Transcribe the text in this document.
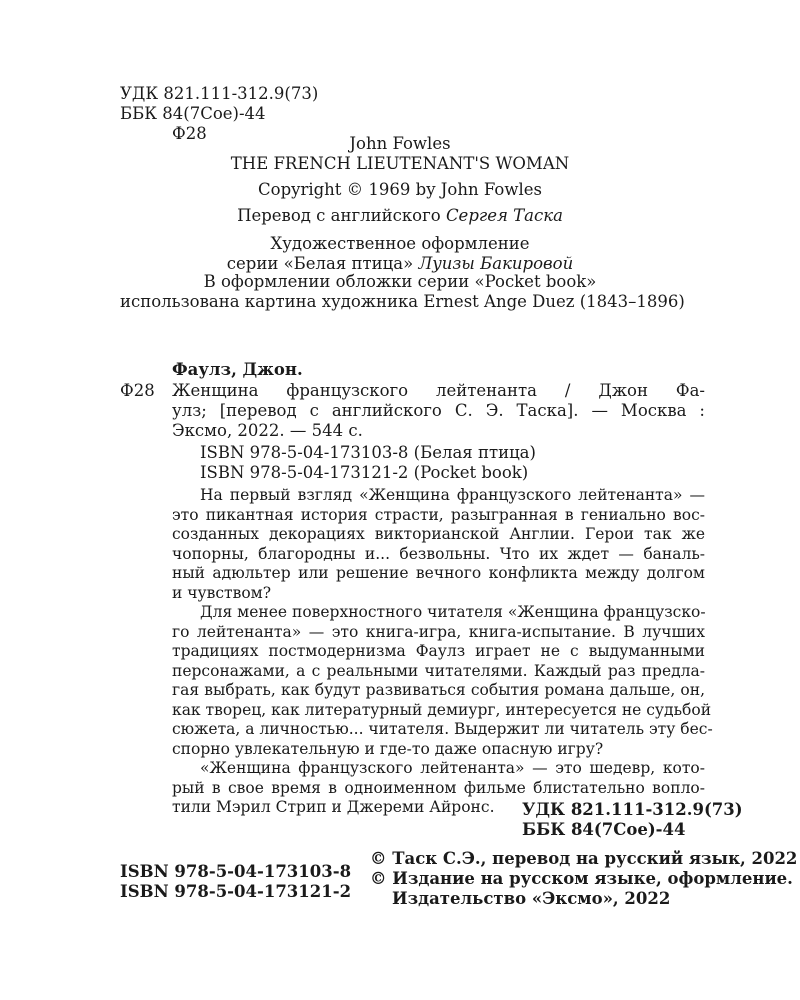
УДК 821.111-312.9(73)
ББК 84(7Сое)-44
Ф28
John Fowles
THE FRENCH LIEUTENANT'S WOMAN
Copyright © 1969 by John Fowles
Перевод с английского Сергея Таска
Художественное оформление
серии «Белая птица» Луизы Бакировой
В оформлении обложки серии «Pocket book»
использована картина художника Ernest Ange Duez (1843–1896)
Фаулз, Джон.
Ф28 Женщина французского лейтенанта / Джон Фа-
улз; [перевод с английского С. Э. Таска]. — Москва :
Эксмо, 2022. — 544 с.
ISBN 978-5-04-173103-8 (Белая птица)
ISBN 978-5-04-173121-2 (Pocket book)
На первый взгляд «Женщина французского лейтенанта» —
это пикантная история страсти, разыгранная в гениально вос-
созданных декорациях викторианской Англии. Герои так же
чопорны, благородны и... безвольны. Что их ждет — баналь-
ный адюльтер или решение вечного конфликта между долгом
и чувством?
Для менее поверхностного читателя «Женщина французско-
го лейтенанта» — это книга-игра, книга-испытание. В лучших
традициях постмодернизма Фаулз играет не с выдуманными
персонажами, а с реальными читателями. Каждый раз предла-
гая выбрать, как будут развиваться события романа дальше, он,
как творец, как литературный демиург, интересуется не судьбой
сюжета, а личностью... читателя. Выдержит ли читатель эту бес-
спорно увлекательную и где-то даже опасную игру?
«Женщина французского лейтенанта» — это шедевр, кото-
рый в свое время в одноименном фильме блистательно вопло-
тили Мэрил Стрип и Джереми Айронс.	УДК 821.111-312.9(73)
ББК 84(7Сое)-44
ISBN 978-5-04-173103-8
ISBN 978-5-04-173121-2
© Таск С.Э., перевод на русский язык, 2022
© Издание на русском языке, оформление.
Издательство «Эксмо», 2022
